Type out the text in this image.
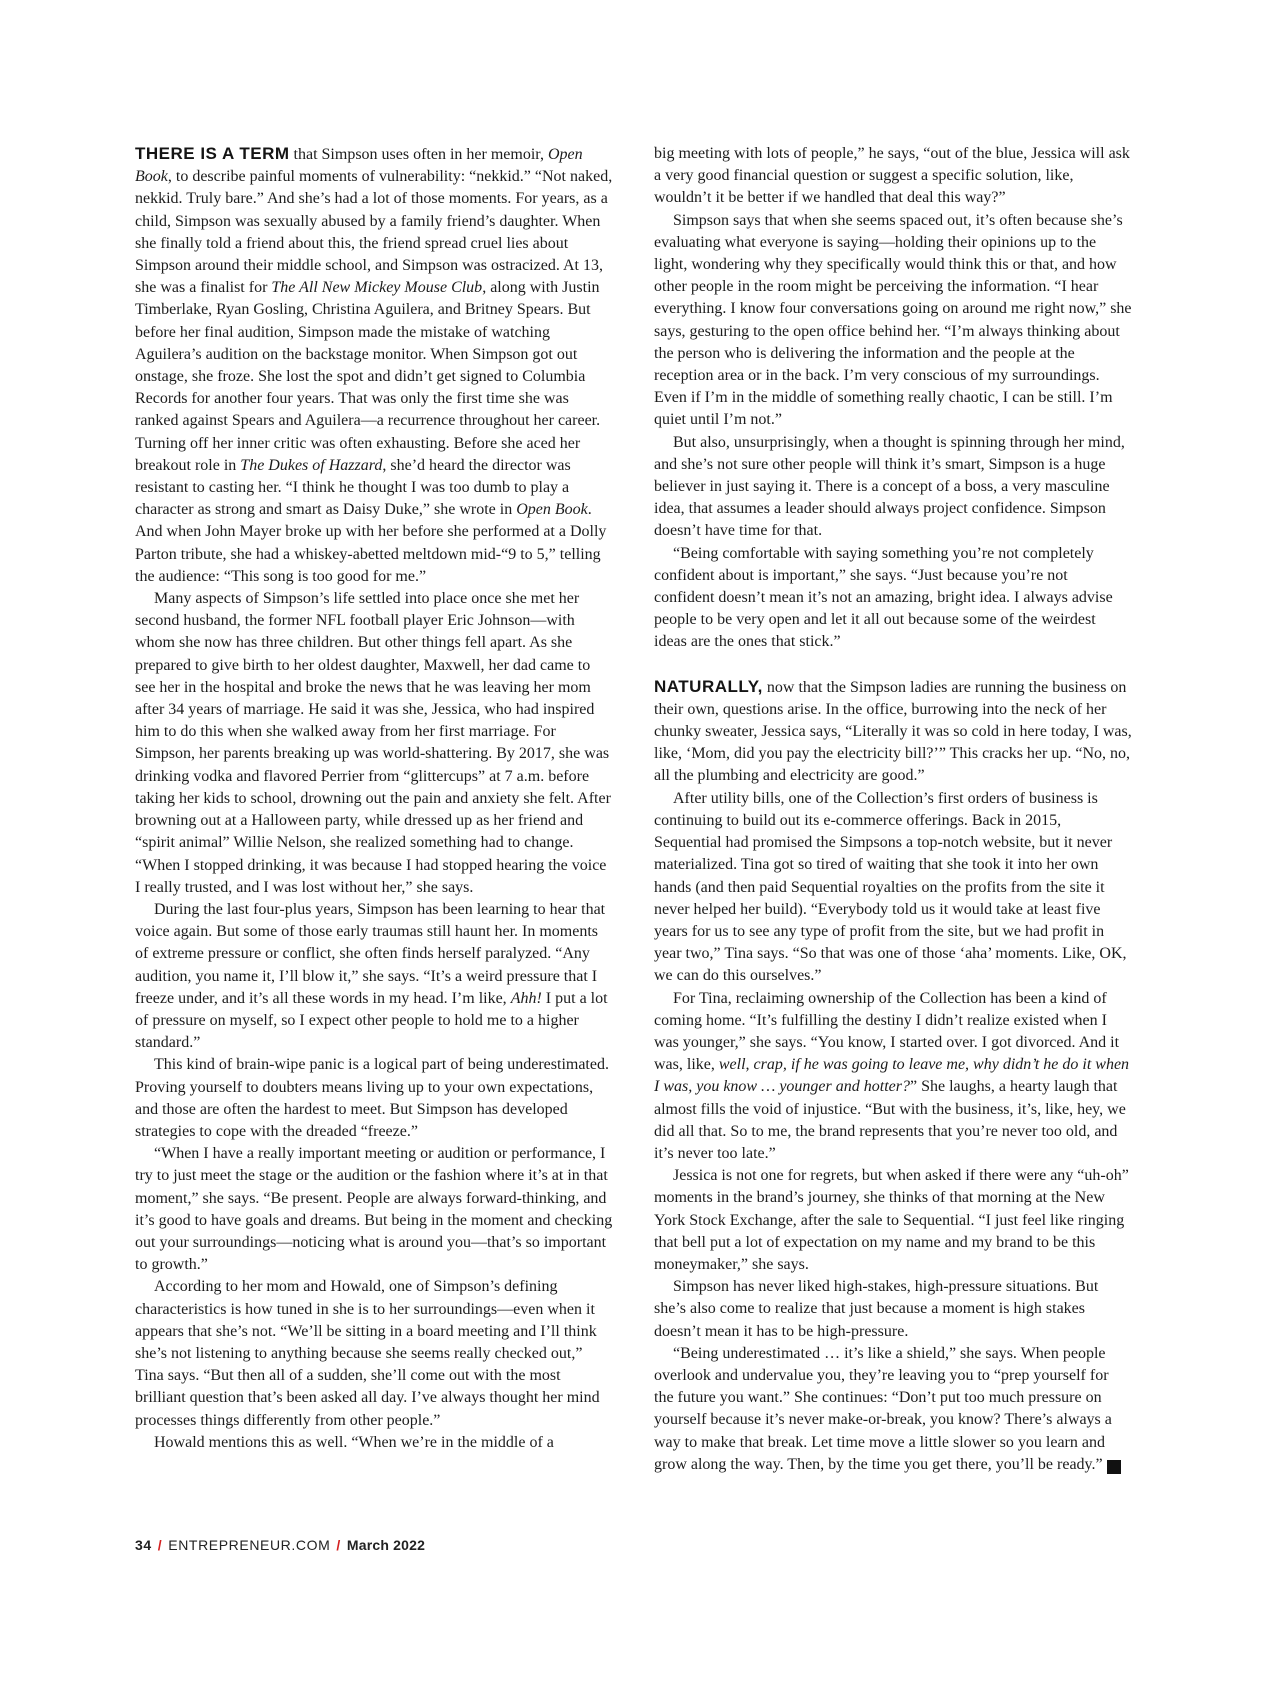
THERE IS A TERM that Simpson uses often in her memoir, Open Book, to describe painful moments of vulnerability: “nekkid.” “Not naked, nekkid. Truly bare.” And she’s had a lot of those moments. For years, as a child, Simpson was sexually abused by a family friend’s daughter. When she finally told a friend about this, the friend spread cruel lies about Simpson around their middle school, and Simpson was ostracized. At 13, she was a finalist for The All New Mickey Mouse Club, along with Justin Timberlake, Ryan Gosling, Christina Aguilera, and Britney Spears. But before her final audition, Simpson made the mistake of watching Aguilera’s audition on the backstage monitor. When Simpson got out onstage, she froze. She lost the spot and didn’t get signed to Columbia Records for another four years. That was only the first time she was ranked against Spears and Aguilera—a recurrence throughout her career. Turning off her inner critic was often exhausting. Before she aced her breakout role in The Dukes of Hazzard, she’d heard the director was resistant to casting her. “I think he thought I was too dumb to play a character as strong and smart as Daisy Duke,” she wrote in Open Book. And when John Mayer broke up with her before she performed at a Dolly Parton tribute, she had a whiskey-abetted meltdown mid-“9 to 5,” telling the audience: “This song is too good for me.”

Many aspects of Simpson’s life settled into place once she met her second husband, the former NFL football player Eric Johnson—with whom she now has three children. But other things fell apart. As she prepared to give birth to her oldest daughter, Maxwell, her dad came to see her in the hospital and broke the news that he was leaving her mom after 34 years of marriage. He said it was she, Jessica, who had inspired him to do this when she walked away from her first marriage. For Simpson, her parents breaking up was world-shattering. By 2017, she was drinking vodka and flavored Perrier from “glittercups” at 7 a.m. before taking her kids to school, drowning out the pain and anxiety she felt. After browning out at a Halloween party, while dressed up as her friend and “spirit animal” Willie Nelson, she realized something had to change. “When I stopped drinking, it was because I had stopped hearing the voice I really trusted, and I was lost without her,” she says.

During the last four-plus years, Simpson has been learning to hear that voice again. But some of those early traumas still haunt her. In moments of extreme pressure or conflict, she often finds herself paralyzed. “Any audition, you name it, I’ll blow it,” she says. “It’s a weird pressure that I freeze under, and it’s all these words in my head. I’m like, Ahh! I put a lot of pressure on myself, so I expect other people to hold me to a higher standard.”

This kind of brain-wipe panic is a logical part of being underestimated. Proving yourself to doubters means living up to your own expectations, and those are often the hardest to meet. But Simpson has developed strategies to cope with the dreaded “freeze.”

“When I have a really important meeting or audition or performance, I try to just meet the stage or the audition or the fashion where it’s at in that moment,” she says. “Be present. People are always forward-thinking, and it’s good to have goals and dreams. But being in the moment and checking out your surroundings—noticing what is around you—that’s so important to growth.”

According to her mom and Howald, one of Simpson’s defining characteristics is how tuned in she is to her surroundings—even when it appears that she’s not. “We’ll be sitting in a board meeting and I’ll think she’s not listening to anything because she seems really checked out,” Tina says. “But then all of a sudden, she’ll come out with the most brilliant question that’s been asked all day. I’ve always thought her mind processes things differently from other people.”

Howald mentions this as well. “When we’re in the middle of a

big meeting with lots of people,” he says, “out of the blue, Jessica will ask a very good financial question or suggest a specific solution, like, wouldn’t it be better if we handled that deal this way?”

Simpson says that when she seems spaced out, it’s often because she’s evaluating what everyone is saying—holding their opinions up to the light, wondering why they specifically would think this or that, and how other people in the room might be perceiving the information. “I hear everything. I know four conversations going on around me right now,” she says, gesturing to the open office behind her. “I’m always thinking about the person who is delivering the information and the people at the reception area or in the back. I’m very conscious of my surroundings. Even if I’m in the middle of something really chaotic, I can be still. I’m quiet until I’m not.”

But also, unsurprisingly, when a thought is spinning through her mind, and she’s not sure other people will think it’s smart, Simpson is a huge believer in just saying it. There is a concept of a boss, a very masculine idea, that assumes a leader should always project confidence. Simpson doesn’t have time for that.

“Being comfortable with saying something you’re not completely confident about is important,” she says. “Just because you’re not confident doesn’t mean it’s not an amazing, bright idea. I always advise people to be very open and let it all out because some of the weirdest ideas are the ones that stick.”

NATURALLY, now that the Simpson ladies are running the business on their own, questions arise. In the office, burrowing into the neck of her chunky sweater, Jessica says, “Literally it was so cold in here today, I was, like, ‘Mom, did you pay the electricity bill?’” This cracks her up. “No, no, all the plumbing and electricity are good.”

After utility bills, one of the Collection’s first orders of business is continuing to build out its e-commerce offerings. Back in 2015, Sequential had promised the Simpsons a top-notch website, but it never materialized. Tina got so tired of waiting that she took it into her own hands (and then paid Sequential royalties on the profits from the site it never helped her build). “Everybody told us it would take at least five years for us to see any type of profit from the site, but we had profit in year two,” Tina says. “So that was one of those ‘aha’ moments. Like, OK, we can do this ourselves.”

For Tina, reclaiming ownership of the Collection has been a kind of coming home. “It’s fulfilling the destiny I didn’t realize existed when I was younger,” she says. “You know, I started over. I got divorced. And it was, like, well, crap, if he was going to leave me, why didn’t he do it when I was, you know … younger and hotter?” She laughs, a hearty laugh that almost fills the void of injustice. “But with the business, it’s, like, hey, we did all that. So to me, the brand represents that you’re never too old, and it’s never too late.”

Jessica is not one for regrets, but when asked if there were any “uh-oh” moments in the brand’s journey, she thinks of that morning at the New York Stock Exchange, after the sale to Sequential. “I just feel like ringing that bell put a lot of expectation on my name and my brand to be this moneymaker,” she says.

Simpson has never liked high-stakes, high-pressure situations. But she’s also come to realize that just because a moment is high stakes doesn’t mean it has to be high-pressure.

“Being underestimated … it’s like a shield,” she says. When people overlook and undervalue you, they’re leaving you to “prep yourself for the future you want.” She continues: “Don’t put too much pressure on yourself because it’s never make-or-break, you know? There’s always a way to make that break. Let time move a little slower so you learn and grow along the way. Then, by the time you get there, you’ll be ready.” E

34 / ENTREPRENEUR.COM / March 2022
